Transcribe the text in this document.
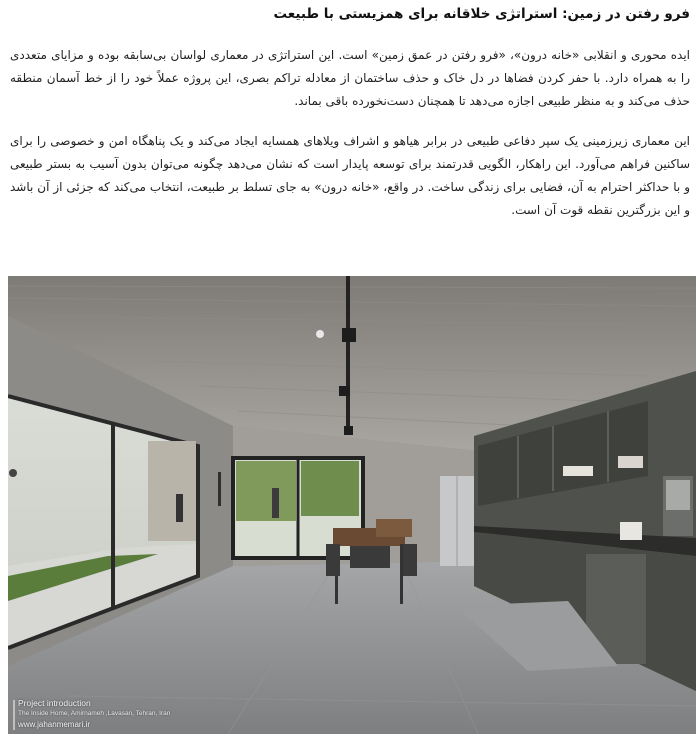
فرو رفتن در زمین: استراتژی خلاقانه برای همزیستی با طبیعت

ایده محوری و انقلابی «خانه درون»، «فرو رفتن در عمق زمین» است. این استراتژی در معماری لواسان بی‌سابقه بوده و مزایای متعددی را به همراه دارد. با حفر کردن فضاها در دل خاک و حذف ساختمان از معادله تراکم بصری، این پروژه عملاً خود را از خط آسمان منطقه حذف می‌کند و به منظر طبیعی اجازه می‌دهد تا همچنان دست‌نخورده باقی بماند.

این معماری زیرزمینی یک سپر دفاعی طبیعی در برابر هیاهو و اشراف ویلاهای همسایه ایجاد می‌کند و یک پناهگاه امن و خصوصی را برای ساکنین فراهم می‌آورد. این راهکار، الگویی قدرتمند برای توسعه پایدار است که نشان می‌دهد چگونه می‌توان بدون آسیب به بستر طبیعی و با حداکثر احترام به آن، فضایی برای زندگی ساخت. در واقع، «خانه درون» به جای تسلط بر طبیعت، انتخاب می‌کند که جزئی از آن باشد و این بزرگترین نقطه قوت آن است.

Project introduction
The Inside Home, Amirnameh ,Lavasan, Tehran, Iran
www.jahanmemari.ir
